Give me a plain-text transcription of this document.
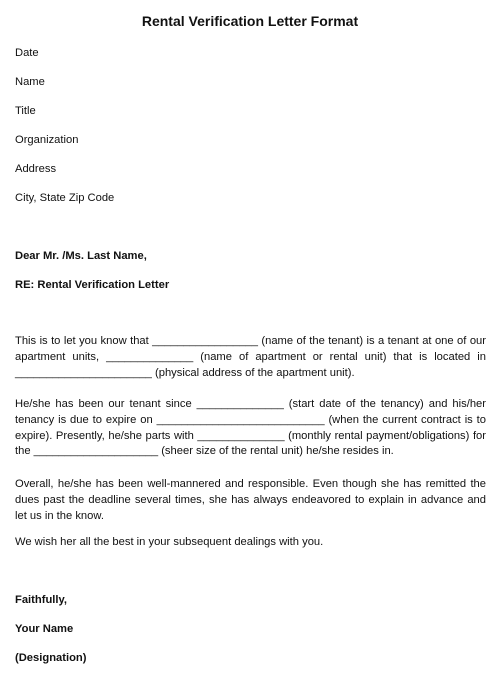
Rental Verification Letter Format
Date
Name
Title
Organization
Address
City, State Zip Code
Dear Mr. /Ms. Last Name,
RE: Rental Verification Letter
This is to let you know that _________________ (name of the tenant) is a tenant at one of our apartment units, ______________ (name of apartment or rental unit) that is located in ______________________ (physical address of the apartment unit).
He/she has been our tenant since ______________ (start date of the tenancy) and his/her tenancy is due to expire on ___________________________ (when the current contract is to expire). Presently, he/she parts with ______________ (monthly rental payment/obligations) for the ____________________ (sheer size of the rental unit) he/she resides in.
Overall, he/she has been well-mannered and responsible. Even though she has remitted the dues past the deadline several times, she has always endeavored to explain in advance and let us in the know.
We wish her all the best in your subsequent dealings with you.
Faithfully,
Your Name
(Designation)
